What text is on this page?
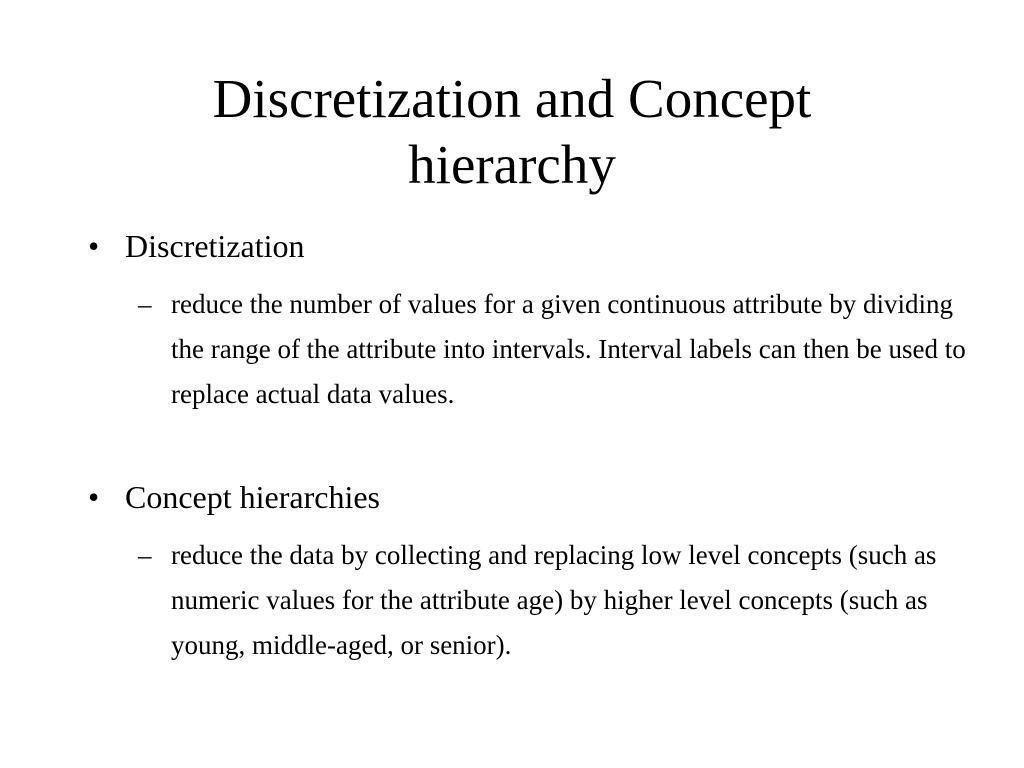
Discretization and Concept
hierarchy
• Discretization
– reduce the number of values for a given continuous attribute by dividing the range of the attribute into intervals. Interval labels can then be used to replace actual data values.
• Concept hierarchies
– reduce the data by collecting and replacing low level concepts (such as numeric values for the attribute age) by higher level concepts (such as young, middle-aged, or senior).
